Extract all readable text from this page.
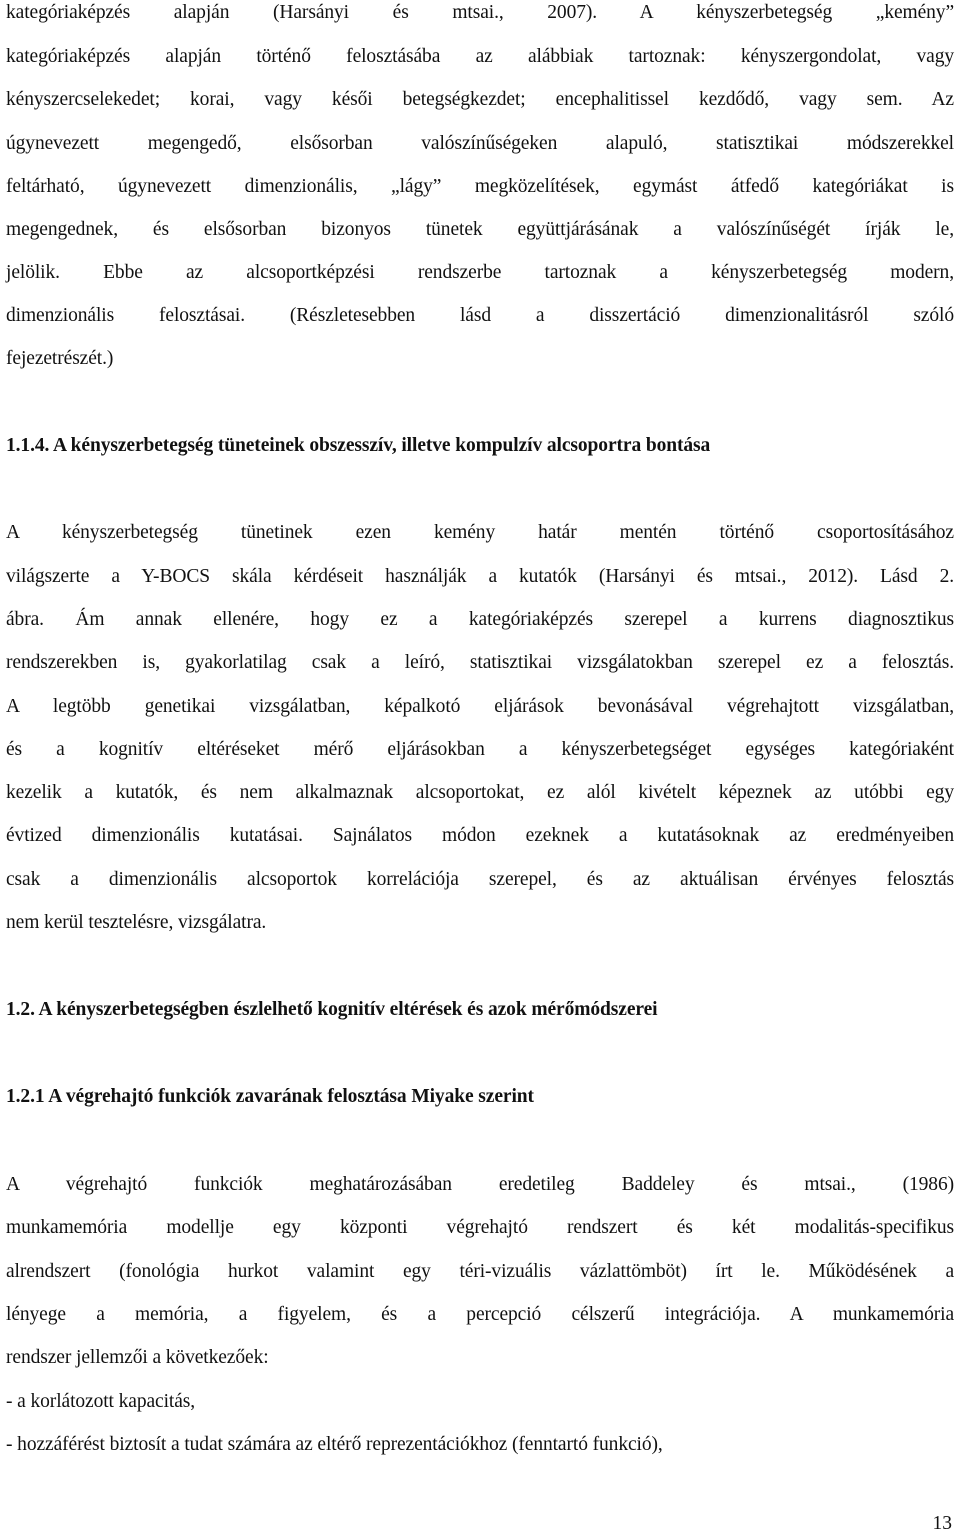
kategóriaképzés alapján (Harsányi és mtsai., 2007). A kényszerbetegség „kemény”
kategóriaképzés alapján történő felosztásába az alábbiak tartoznak: kényszergondolat, vagy
kényszercselekedet; korai, vagy késői betegségkezdet; encephalitissel kezdődő, vagy sem. Az
úgynevezett megengedő, elsősorban valószínűségeken alapuló, statisztikai módszerekkel
feltárható, úgynevezett dimenzionális, „lágy” megközelítések, egymást átfedő kategóriákat is
megengednek, és elsősorban bizonyos tünetek együttjárásának a valószínűségét írják le,
jelölik. Ebbe az alcsoportképzési rendszerbe tartoznak a kényszerbetegség modern,
dimenzionális felosztásai. (Részletesebben lásd a disszertáció dimenzionalitásról szóló
fejezetrészét.)
1.1.4. A kényszerbetegség tüneteinek obszesszív, illetve kompulzív alcsoportra bontása
A kényszerbetegség tünetinek ezen kemény határ mentén történő csoportosításához
világszerte a Y-BOCS skála kérdéseit használják a kutatók (Harsányi és mtsai., 2012). Lásd 2.
ábra. Ám annak ellenére, hogy ez a kategóriaképzés szerepel a kurrens diagnosztikus
rendszerekben is, gyakorlatilag csak a leíró, statisztikai vizsgálatokban szerepel ez a felosztás.
A legtöbb genetikai vizsgálatban, képalkotó eljárások bevonásával végrehajtott vizsgálatban,
és a kognitív eltéréseket mérő eljárásokban a kényszerbetegséget egységes kategóriaként
kezelik a kutatók, és nem alkalmaznak alcsoportokat, ez alól kivételt képeznek az utóbbi egy
évtized dimenzionális kutatásai. Sajnálatos módon ezeknek a kutatásoknak az eredményeiben
csak a dimenzionális alcsoportok korrelációja szerepel, és az aktuálisan érvényes felosztás
nem kerül tesztelésre, vizsgálatra.
1.2. A kényszerbetegségben észlelhető kognitív eltérések és azok mérőmódszerei
1.2.1 A végrehajtó funkciók zavarának felosztása Miyake szerint
A végrehajtó funkciók meghatározásában eredetileg Baddeley és mtsai., (1986)
munkamemória modellje egy központi végrehajtó rendszert és két modalitás-specifikus
alrendszert (fonológia hurkot valamint egy téri-vizuális vázlattömböt) írt le. Működésének a
lényege a memória, a figyelem, és a percepció célszerű integrációja. A munkamemória
rendszer jellemzői a következőek:
- a korlátozott kapacitás,
- hozzáférést biztosít a tudat számára az eltérő reprezentációkhoz (fenntartó funkció),
13
